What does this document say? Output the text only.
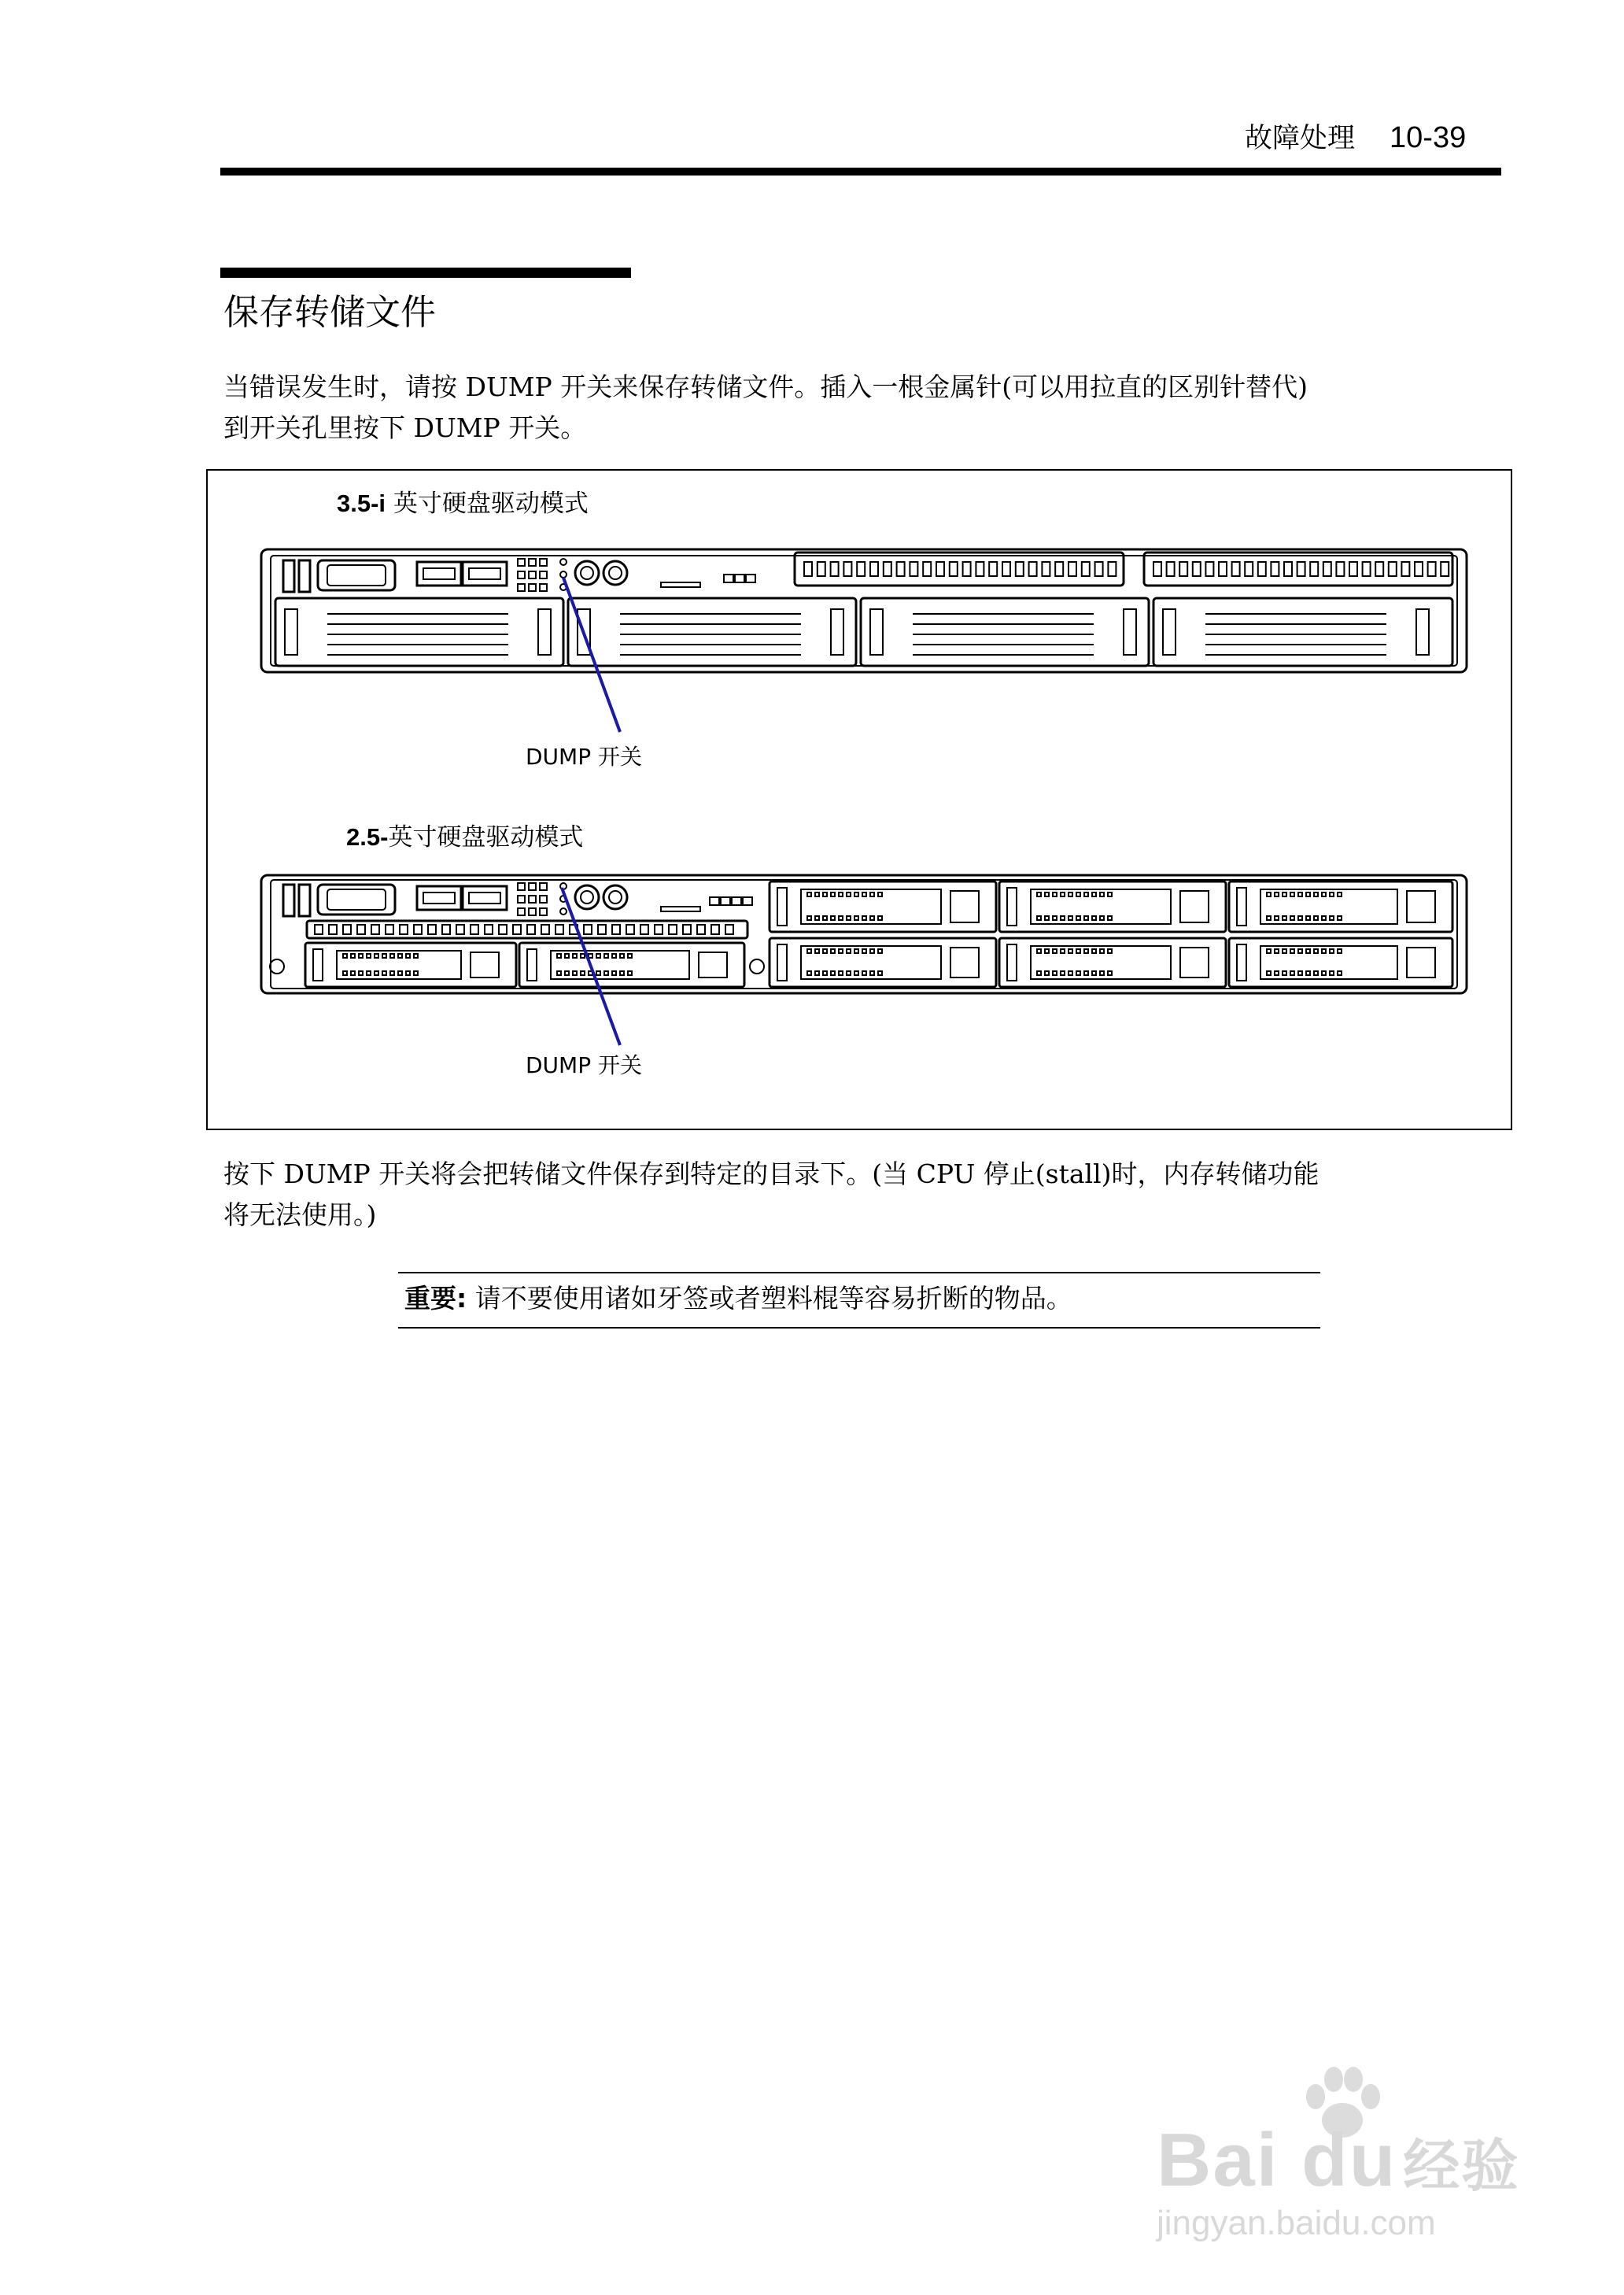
故障处理 10-39
保存转储文件
当错误发生时，请按 DUMP 开关来保存转储文件。插入一根金属针(可以用拉直的区别针替代)
到开关孔里按下 DUMP 开关。
3.5-i 英寸硬盘驱动模式
DUMP 开关
2.5-英寸硬盘驱动模式
DUMP 开关
按下 DUMP 开关将会把转储文件保存到特定的目录下。(当 CPU 停止(stall)时，内存转储功能
将无法使用。)
重要: 请不要使用诸如牙签或者塑料棍等容易折断的物品。
Bai du 经验
jingyan.baidu.com
